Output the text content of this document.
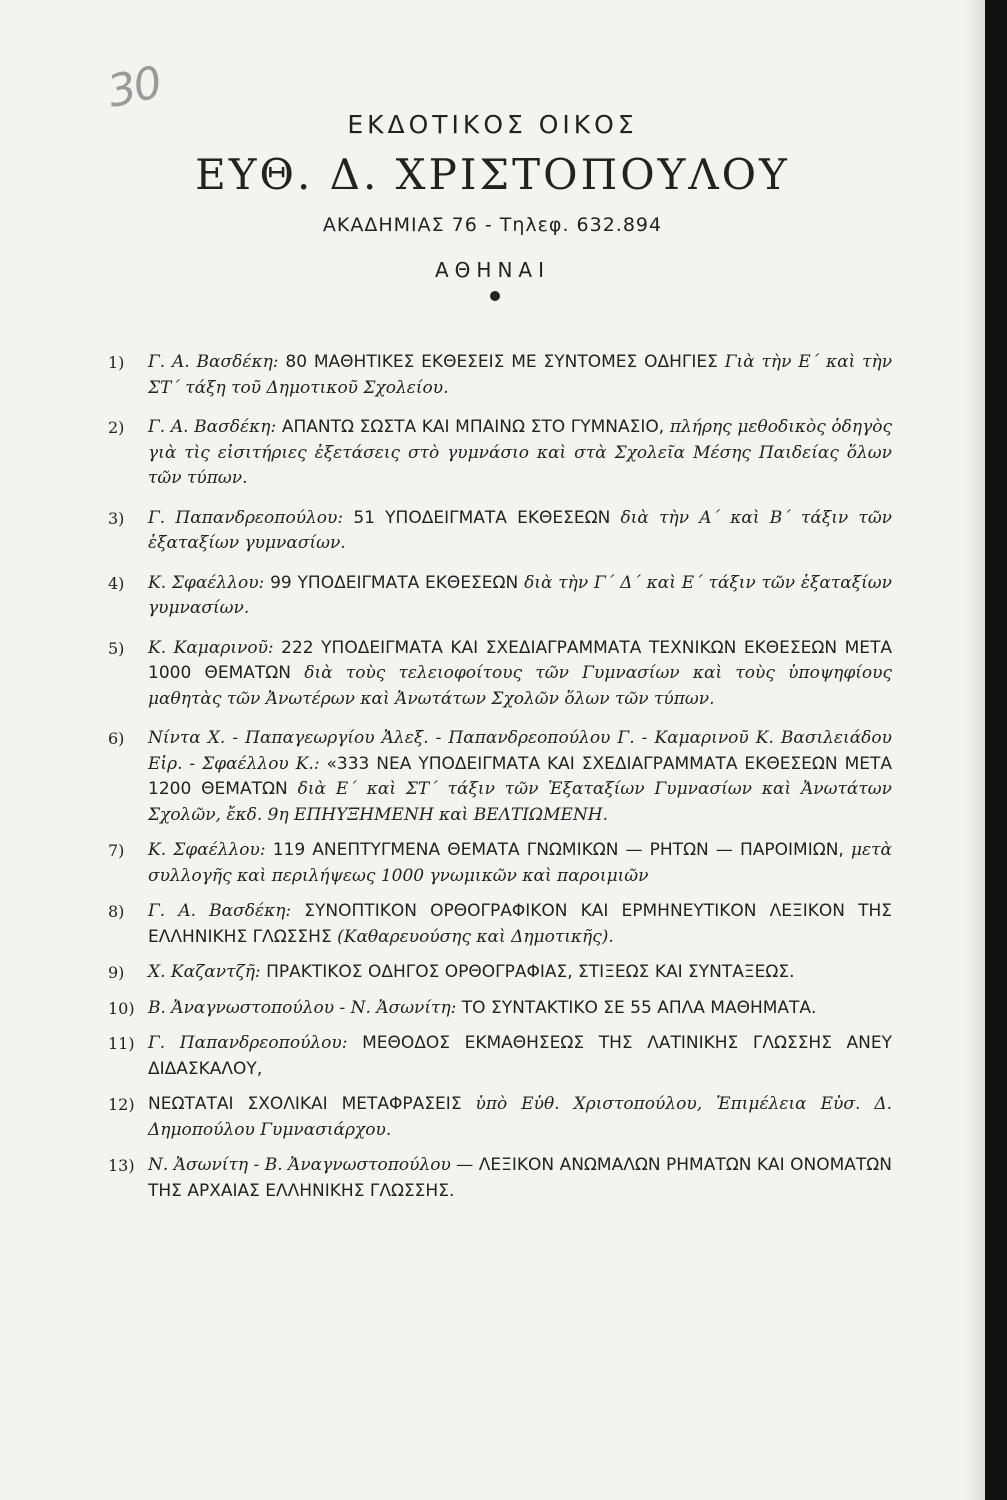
30
ΕΚΔΟΤΙΚΟΣ ΟΙΚΟΣ
ΕΥΘ. Δ. ΧΡΙΣΤΟΠΟΥΛΟΥ
ΑΚΑΔΗΜΙΑΣ 76 - Τηλεφ. 632.894
ΑΘΗΝΑΙ
1)	Γ. Α. Βασδέκη: 80 ΜΑΘΗΤΙΚΕΣ ΕΚΘΕΣΕΙΣ ΜΕ ΣΥΝΤΟΜΕΣ ΟΔΗΓΙΕΣ Γιὰ τὴν Ε΄ καὶ τὴν ΣΤ΄ τάξη τοῦ Δημοτικοῦ Σχολείου.
2)	Γ. Α. Βασδέκη: ΑΠΑΝΤΩ ΣΩΣΤΑ ΚΑΙ ΜΠΑΙΝΩ ΣΤΟ ΓΥΜΝΑΣΙΟ, πλήρης μεθοδικὸς ὁδηγὸς γιὰ τὶς εἰσιτήριες ἐξετάσεις στὸ γυμνάσιο καὶ στὰ Σχολεῖα Μέσης Παιδείας ὅλων τῶν τύπων.
3)	Γ. Παπανδρεοπούλου: 51 ΥΠΟΔΕΙΓΜΑΤΑ ΕΚΘΕΣΕΩΝ διὰ τὴν Α΄ καὶ Β΄ τάξιν τῶν ἑξαταξίων γυμνασίων.
4)	Κ. Σφαέλλου: 99 ΥΠΟΔΕΙΓΜΑΤΑ ΕΚΘΕΣΕΩΝ διὰ τὴν Γ΄ Δ΄ καὶ Ε΄ τάξιν τῶν ἑξαταξίων γυμνασίων.
5)	Κ. Καμαρινοῦ: 222 ΥΠΟΔΕΙΓΜΑΤΑ ΚΑΙ ΣΧΕΔΙΑΓΡΑΜΜΑΤΑ ΤΕΧΝΙΚΩΝ ΕΚΘΕΣΕΩΝ ΜΕΤΑ 1000 ΘΕΜΑΤΩΝ διὰ τοὺς τελειοφοίτους τῶν Γυμνασίων καὶ τοὺς ὑποψηφίους μαθητὰς τῶν Ἀνωτέρων καὶ Ἀνωτάτων Σχολῶν ὅλων τῶν τύπων.
6)	Νίντα Χ. - Παπαγεωργίου Ἀλεξ. - Παπανδρεοπούλου Γ. - Καμαρινοῦ Κ. Βασιλειάδου Εἰρ. - Σφαέλλου Κ.: «333 ΝΕΑ ΥΠΟΔΕΙΓΜΑΤΑ ΚΑΙ ΣΧΕΔΙΑΓΡΑΜΜΑΤΑ ΕΚΘΕΣΕΩΝ ΜΕΤΑ 1200 ΘΕΜΑΤΩΝ διὰ Ε΄ καὶ ΣΤ΄ τάξιν τῶν Ἑξαταξίων Γυμνασίων καὶ Ἀνωτάτων Σχολῶν, ἔκδ. 9η ΕΠΗΥΞΗΜΕΝΗ καὶ ΒΕΛΤΙΩΜΕΝΗ.
7)	Κ. Σφαέλλου: 119 ΑΝΕΠΤΥΓΜΕΝΑ ΘΕΜΑΤΑ ΓΝΩΜΙΚΩΝ — ΡΗΤΩΝ — ΠΑΡΟΙΜΙΩΝ, μετὰ συλλογῆς καὶ περιλήψεως 1000 γνωμικῶν καὶ παροιμιῶν
8)	Γ. Α. Βασδέκη: ΣΥΝΟΠΤΙΚΟΝ ΟΡΘΟΓΡΑΦΙΚΟΝ ΚΑΙ ΕΡΜΗΝΕΥΤΙΚΟΝ ΛΕΞΙΚΟΝ ΤΗΣ ΕΛΛΗΝΙΚΗΣ ΓΛΩΣΣΗΣ (Καθαρευούσης καὶ Δημοτικῆς).
9)	Χ. Καζαντζῆ: ΠΡΑΚΤΙΚΟΣ ΟΔΗΓΟΣ ΟΡΘΟΓΡΑΦΙΑΣ, ΣΤΙΞΕΩΣ ΚΑΙ ΣΥΝΤΑΞΕΩΣ.
10) Β. Ἀναγνωστοπούλου - Ν. Ἀσωνίτη: ΤΟ ΣΥΝΤΑΚΤΙΚΟ ΣΕ 55 ΑΠΛΑ ΜΑΘΗΜΑΤΑ.
11) Γ. Παπανδρεοπούλου: ΜΕΘΟΔΟΣ ΕΚΜΑΘΗΣΕΩΣ ΤΗΣ ΛΑΤΙΝΙΚΗΣ ΓΛΩΣΣΗΣ ΑΝΕΥ ΔΙΔΑΣΚΑΛΟΥ,
12) ΝΕΩΤΑΤΑΙ ΣΧΟΛΙΚΑΙ ΜΕΤΑΦΡΑΣΕΙΣ ὑπὸ Εὐθ. Χριστοπούλου, Ἐπιμέλεια Εὐσ. Δ. Δημοπούλου Γυμνασιάρχου.
13) Ν. Ἀσωνίτη - Β. Ἀναγνωστοπούλου — ΛΕΞΙΚΟΝ ΑΝΩΜΑΛΩΝ ΡΗΜΑΤΩΝ ΚΑΙ ΟΝΟΜΑΤΩΝ ΤΗΣ ΑΡΧΑΙΑΣ ΕΛΛΗΝΙΚΗΣ ΓΛΩΣΣΗΣ.
